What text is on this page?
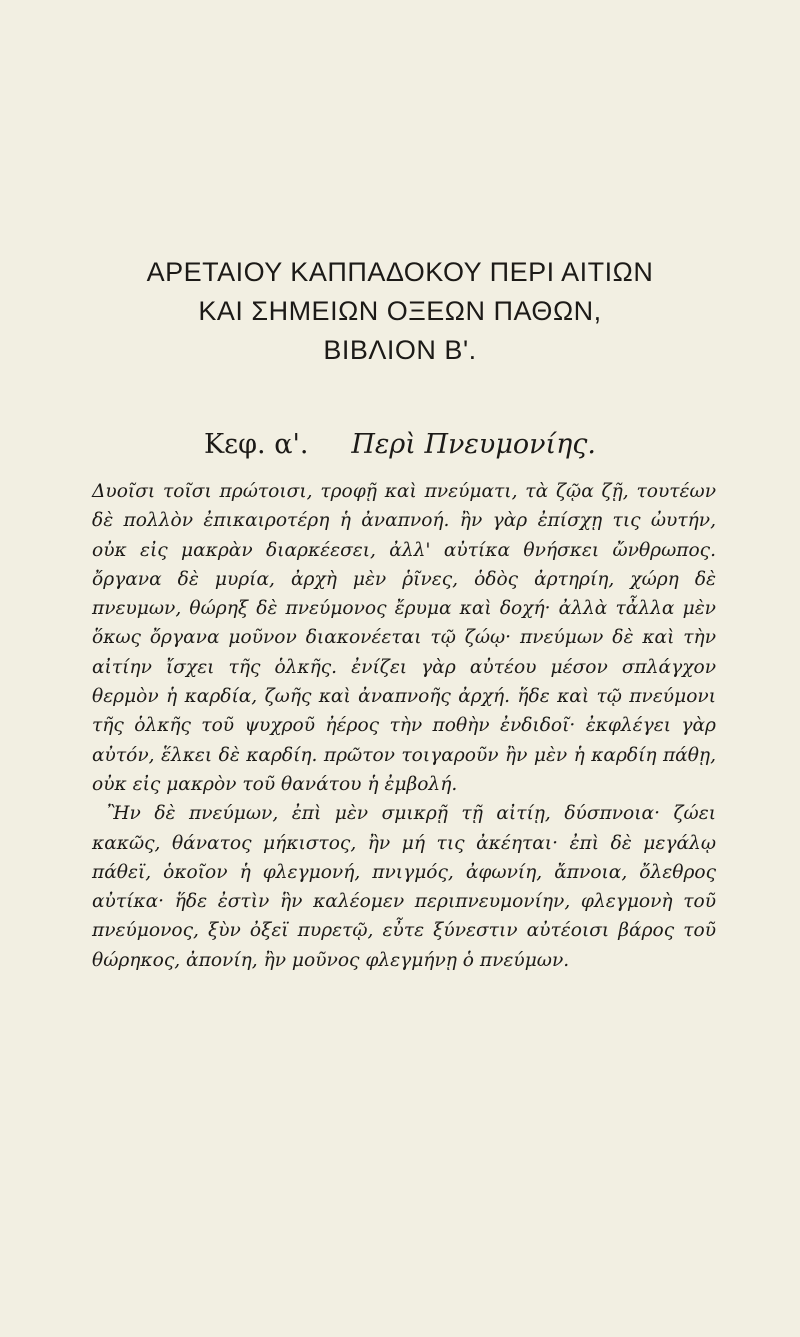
ΑΡΕΤΑΙΟΥ ΚΑΠΠΑΔΟΚΟΥ ΠΕΡΙ ΑΙΤΙΩΝ
ΚΑΙ ΣΗΜΕΙΩΝ ΟΞΕΩΝ ΠΑΘΩΝ,
ΒΙΒΛΙΟΝ Β'.
Κεφ. α'. Περὶ Πνευμονίης.

Δυοῖσι τοῖσι πρώτοισι, τροφῇ καὶ πνεύματι, τὰ ζῷα ζῇ, τουτέων δὲ πολλὸν ἐπικαιροτέρη ἡ ἀναπνοή. ἢν γὰρ ἐπίσχῃ τις ὠυτήν, οὐκ εἰς μακρὰν διαρκέεσει, ἀλλ' αὐτίκα θνήσκει ὤνθρωπος. ὄργανα δὲ μυρία, ἀρχὴ μὲν ῥῖνες, ὁδὸς ἀρτηρίη, χώρη δὲ πνευμων, θώρηξ δὲ πνεύμονος ἔρυμα καὶ δοχή· ἀλλὰ τἆλλα μὲν ὅκως ὄργανα μοῦνον διακονέεται τῷ ζώῳ· πνεύμων δὲ καὶ τὴν αἰτίην ἴσχει τῆς ὁλκῆς. ἐνίζει γὰρ αὐτέου μέσον σπλάγχον θερμὸν ἡ καρδία, ζωῆς καὶ ἀναπνοῆς ἀρχή. ἥδε καὶ τῷ πνεύμονι τῆς ὁλκῆς τοῦ ψυχροῦ ἠέρος τὴν ποθὴν ἐνδιδοῖ· ἐκφλέγει γὰρ αὐτόν, ἕλκει δὲ καρδίη. πρῶτον τοιγαροῦν ἢν μὲν ἡ καρδίη πάθῃ, οὐκ εἰς μακρὸν τοῦ θανάτου ἡ ἐμβολή.

Ἢν δὲ πνεύμων, ἐπὶ μὲν σμικρῇ τῇ αἰτίῃ, δύσπνοια· ζώει κακῶς, θάνατος μήκιστος, ἢν μή τις ἀκέηται· ἐπὶ δὲ μεγάλῳ πάθεϊ, ὁκοῖον ἡ φλεγμονή, πνιγμός, ἀφωνίη, ἄπνοια, ὄλεθρος αὐτίκα· ἥδε ἐστὶν ἣν καλέομεν περιπνευμονίην, φλεγμονὴ τοῦ πνεύμονος, ξὺν ὀξεϊ πυρετῷ, εὖτε ξύνεστιν αὐτέοισι βάρος τοῦ θώρηκος, ἀπονίη, ἢν μοῦνος φλεγμήνῃ ὁ πνεύμων.
